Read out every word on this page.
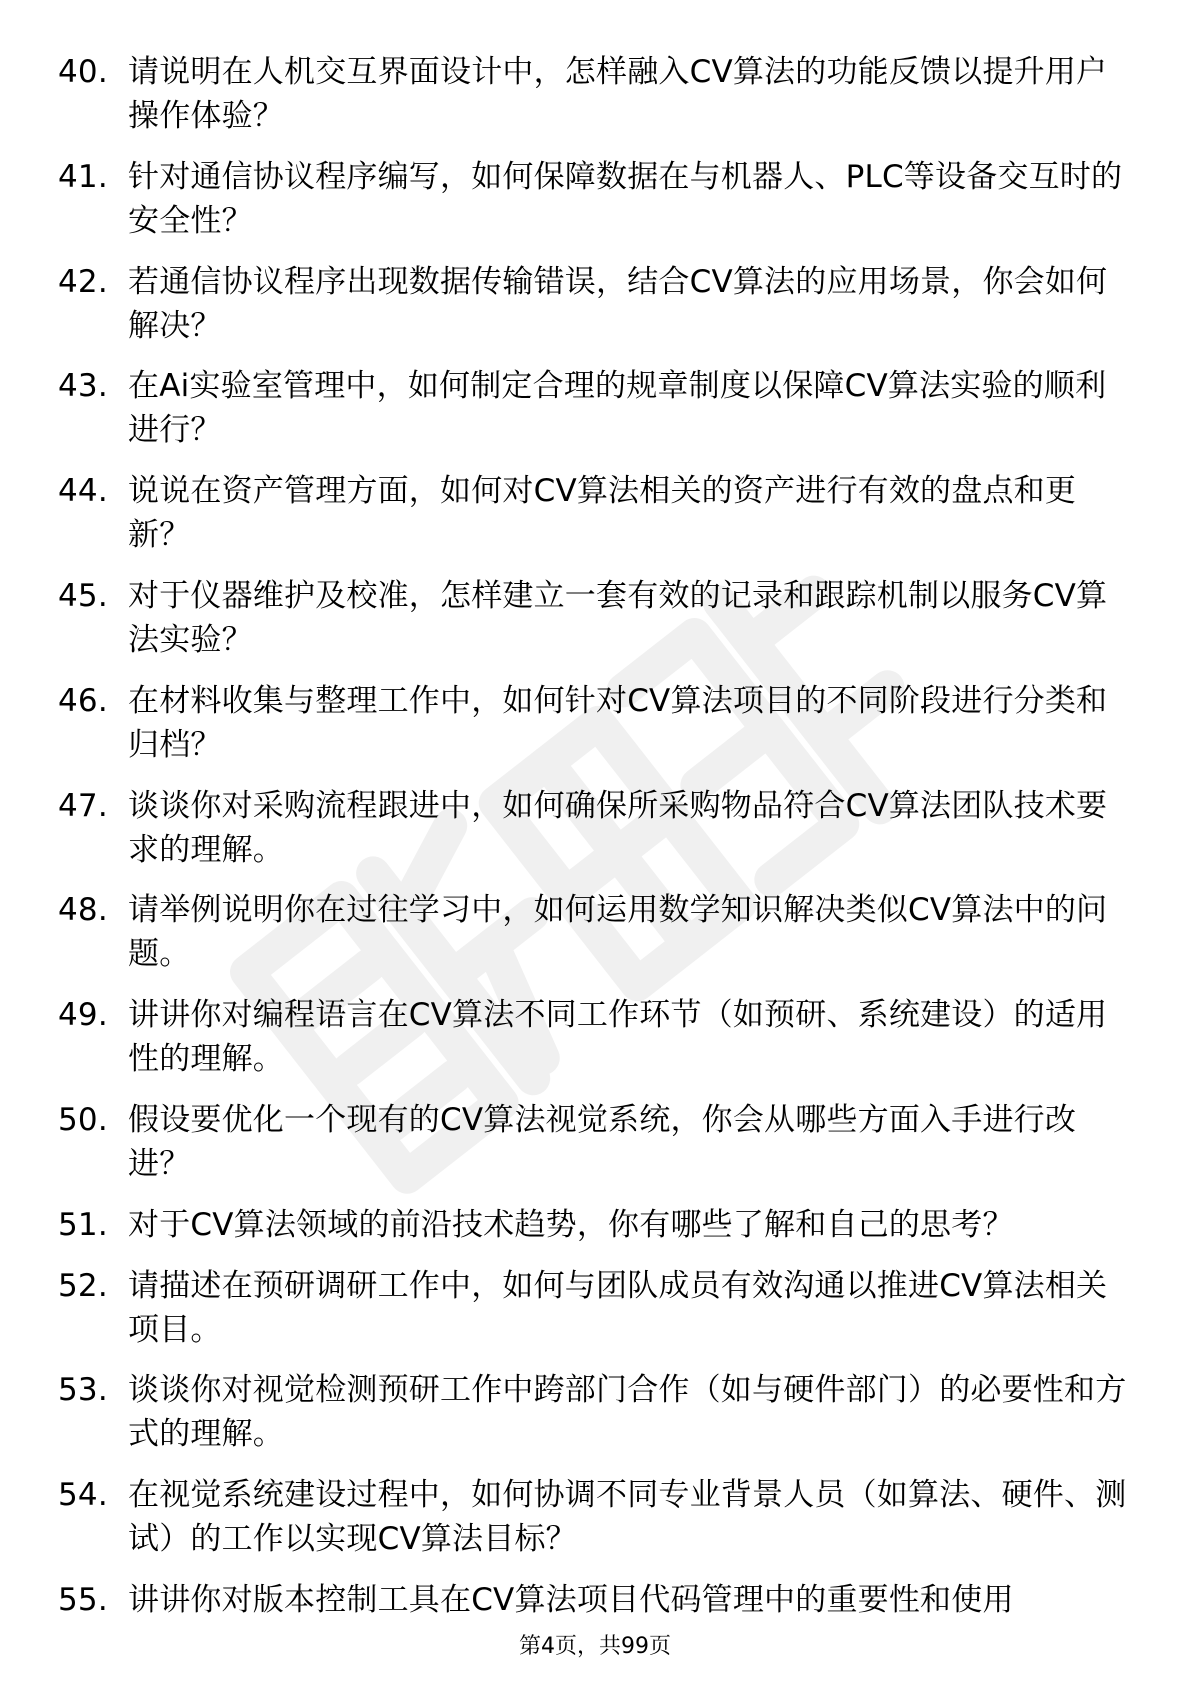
40. 请说明在人机交互界面设计中，怎样融入CV算法的功能反馈以提升用户操作体验？
41. 针对通信协议程序编写，如何保障数据在与机器人、PLC等设备交互时的安全性？
42. 若通信协议程序出现数据传输错误，结合CV算法的应用场景，你会如何解决？
43. 在Ai实验室管理中，如何制定合理的规章制度以保障CV算法实验的顺利进行？
44. 说说在资产管理方面，如何对CV算法相关的资产进行有效的盘点和更新？
45. 对于仪器维护及校准，怎样建立一套有效的记录和跟踪机制以服务CV算法实验？
46. 在材料收集与整理工作中，如何针对CV算法项目的不同阶段进行分类和归档？
47. 谈谈你对采购流程跟进中，如何确保所采购物品符合CV算法团队技术要求的理解。
48. 请举例说明你在过往学习中，如何运用数学知识解决类似CV算法中的问题。
49. 讲讲你对编程语言在CV算法不同工作环节（如预研、系统建设）的适用性的理解。
50. 假设要优化一个现有的CV算法视觉系统，你会从哪些方面入手进行改进？
51. 对于CV算法领域的前沿技术趋势，你有哪些了解和自己的思考？
52. 请描述在预研调研工作中，如何与团队成员有效沟通以推进CV算法相关项目。
53. 谈谈你对视觉检测预研工作中跨部门合作（如与硬件部门）的必要性和方式的理解。
54. 在视觉系统建设过程中，如何协调不同专业背景人员（如算法、硬件、测试）的工作以实现CV算法目标？
55. 讲讲你对版本控制工具在CV算法项目代码管理中的重要性和使用
第4页，共99页
